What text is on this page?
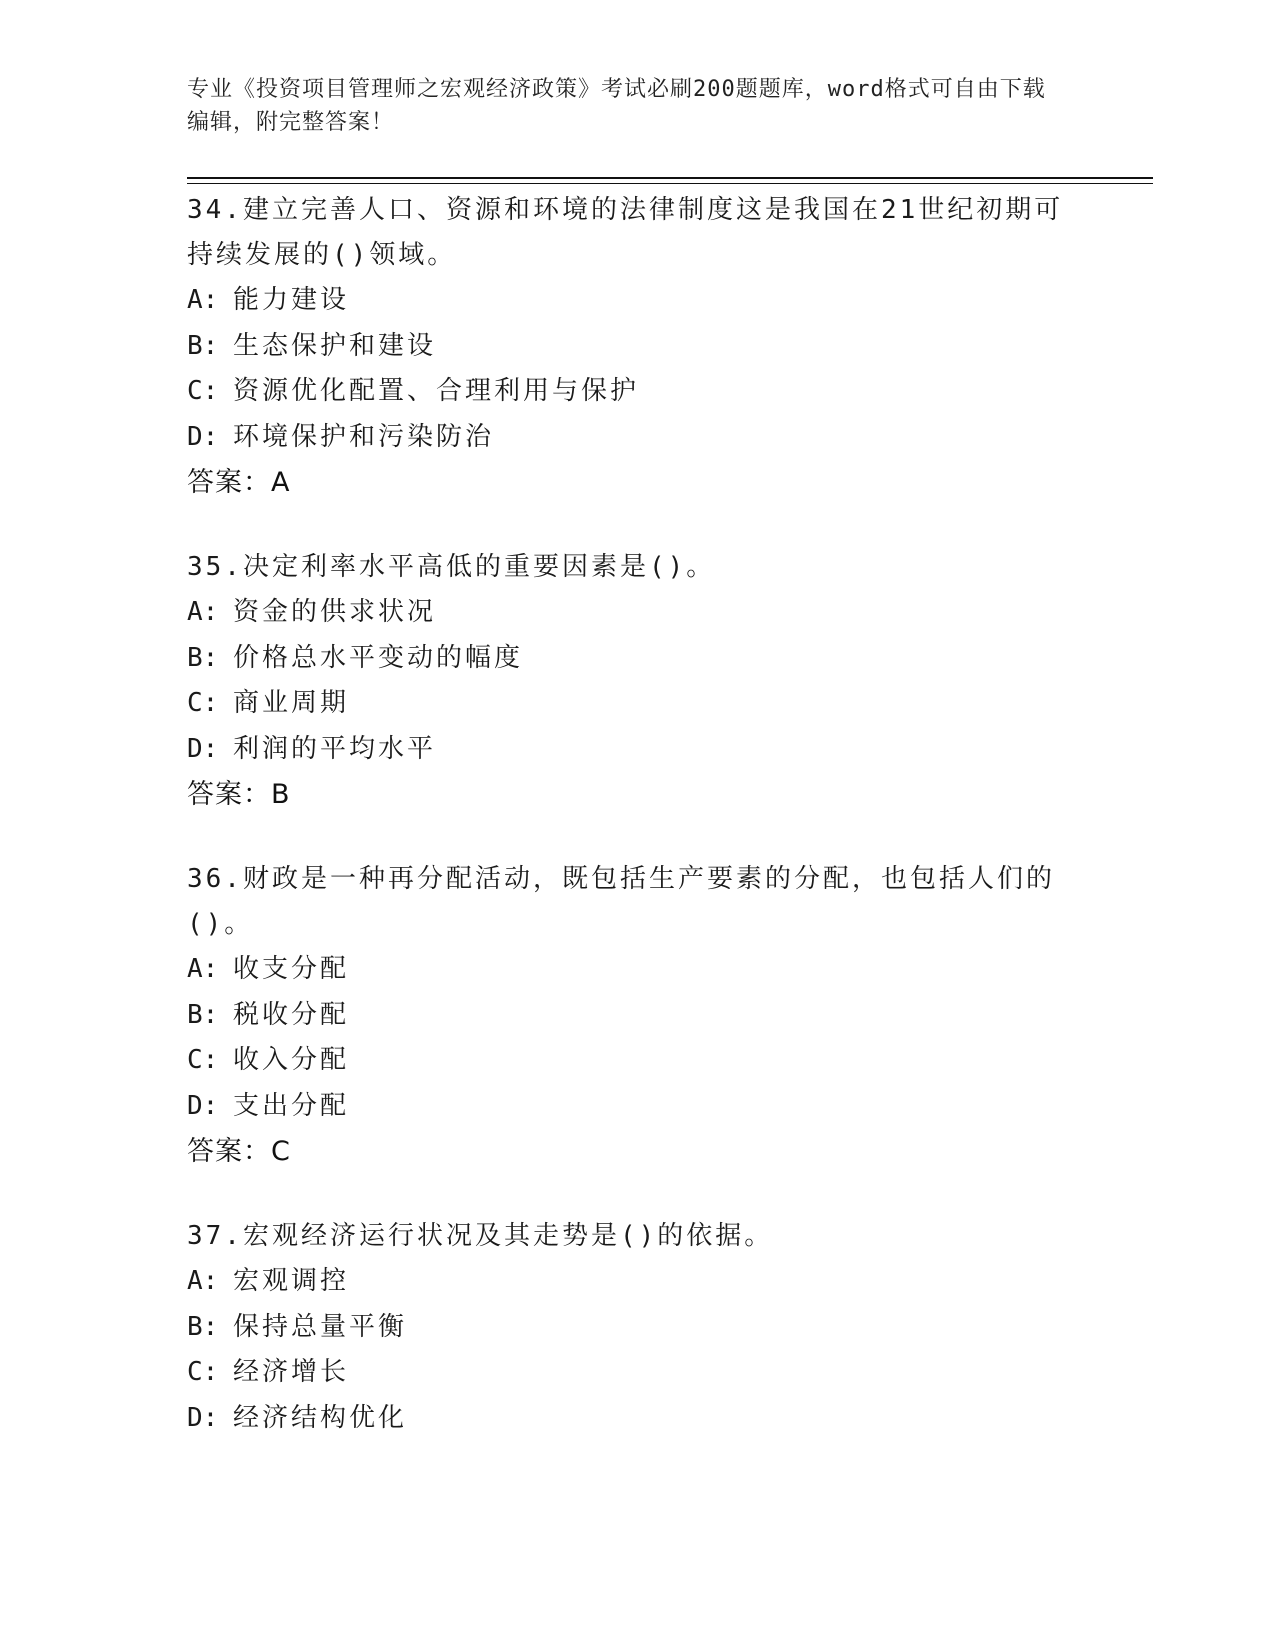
专业《投资项目管理师之宏观经济政策》考试必刷200题题库，word格式可自由下载编辑，附完整答案！

34.建立完善人口、资源和环境的法律制度这是我国在21世纪初期可持续发展的()领域。

A: 能力建设
B: 生态保护和建设
C: 资源优化配置、合理利用与保护
D: 环境保护和污染防治
答案：A

35.决定利率水平高低的重要因素是()。

A: 资金的供求状况
B: 价格总水平变动的幅度
C: 商业周期
D: 利润的平均水平
答案：B

36.财政是一种再分配活动，既包括生产要素的分配，也包括人们的()。

A: 收支分配
B: 税收分配
C: 收入分配
D: 支出分配
答案：C

37.宏观经济运行状况及其走势是()的依据。

A: 宏观调控
B: 保持总量平衡
C: 经济增长
D: 经济结构优化
